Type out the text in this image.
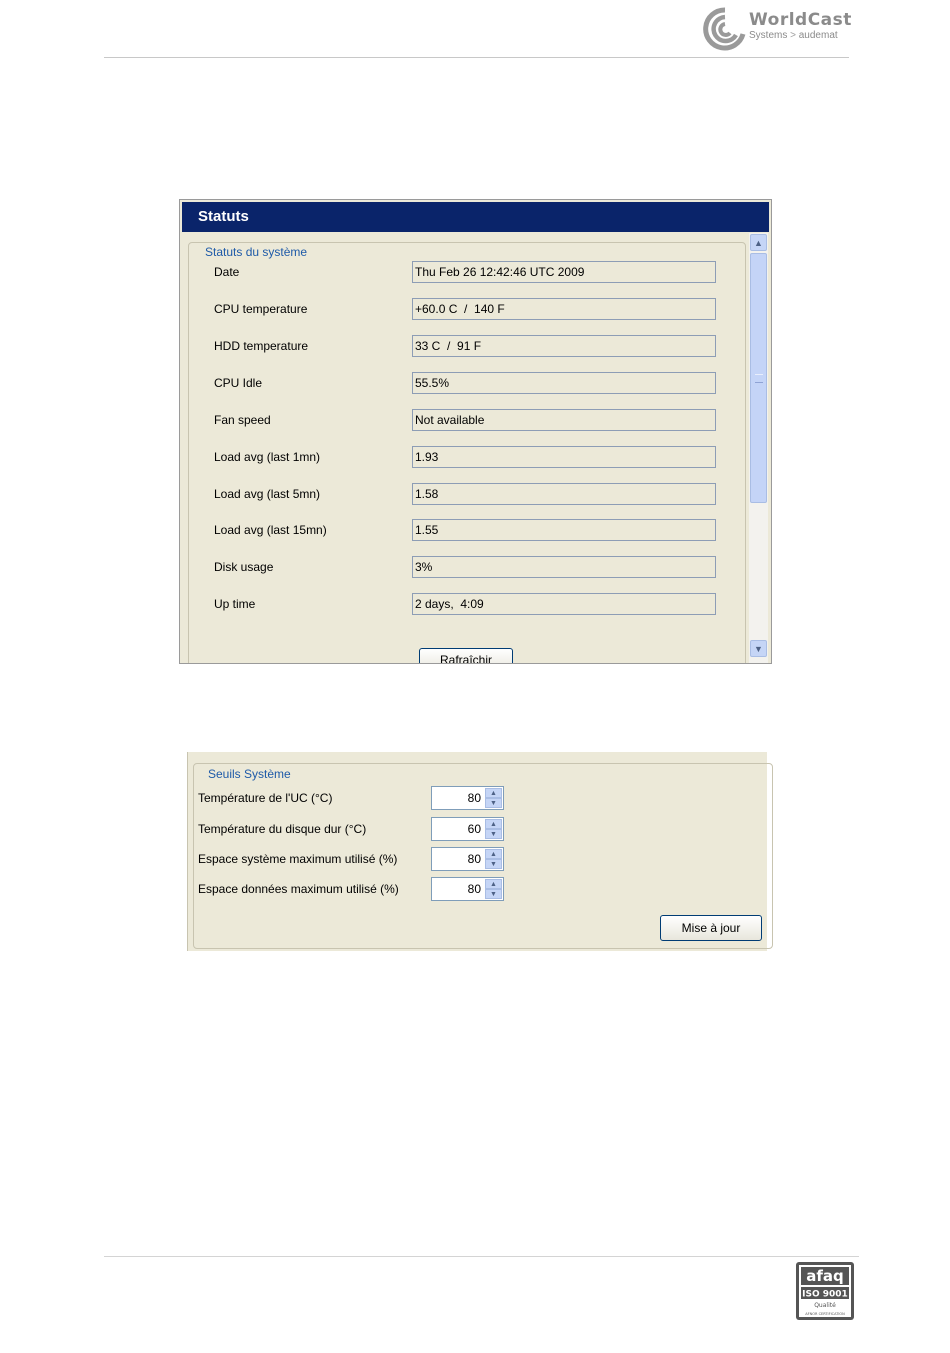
WorldCast
Systems > audemat
Statuts
Statuts du système
Date	Thu Feb 26 12:42:46 UTC 2009
CPU temperature	+60.0 C  /  140 F
HDD temperature	33 C  /  91 F
CPU Idle	55.5%
Fan speed	Not available
Load avg (last 1mn)	1.93
Load avg (last 5mn)	1.58
Load avg (last 15mn)	1.55
Disk usage	3%
Up time	2 days,  4:09
Rafraîchir
▲
▼
Seuils Système
Température de l'UC (°C)	80	▲
▼
Température du disque dur (°C)	60	▲
▼
Espace système maximum utilisé (%)	80	▲
▼
Espace données maximum utilisé (%)	80	▲
▼
Mise à jour
afaq
ISO 9001
Qualité
AFNOR CERTIFICATION
